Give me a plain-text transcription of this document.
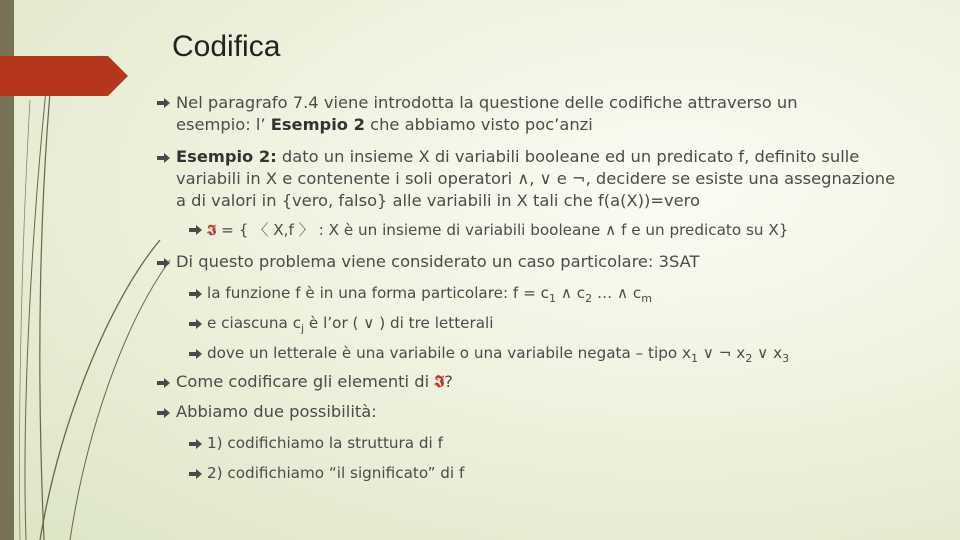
Codifica
Nel paragrafo 7.4 viene introdotta la questione delle codifiche attraverso un esempio: l’ Esempio 2 che abbiamo visto poc’anzi
Esempio 2: dato un insieme X di variabili booleane ed un predicato f, definito sulle variabili in X e contenente i soli operatori ∧, ∨ e ¬, decidere se esiste una assegnazione a di valori in {vero, falso} alle variabili in X tali che f(a(X))=vero
𝕴 = { 〈 X,f 〉 : X è un insieme di variabili booleane ∧ f e un predicato su X}
Di questo problema viene considerato un caso particolare: 3SAT
la funzione f è in una forma particolare: $f = c_1$ ∧ $c_2$ … ∧ $c_m$
e ciascuna $c_j$ è l’or ( ∨ ) di tre letterali
dove un letterale è una variabile o una variabile negata – tipo $x_1$ ∨ ¬ $x_2$ ∨ $x_3$
Come codificare gli elementi di 𝕴?
Abbiamo due possibilità:
1) codifichiamo la struttura di f
2) codifichiamo “il significato” di f
